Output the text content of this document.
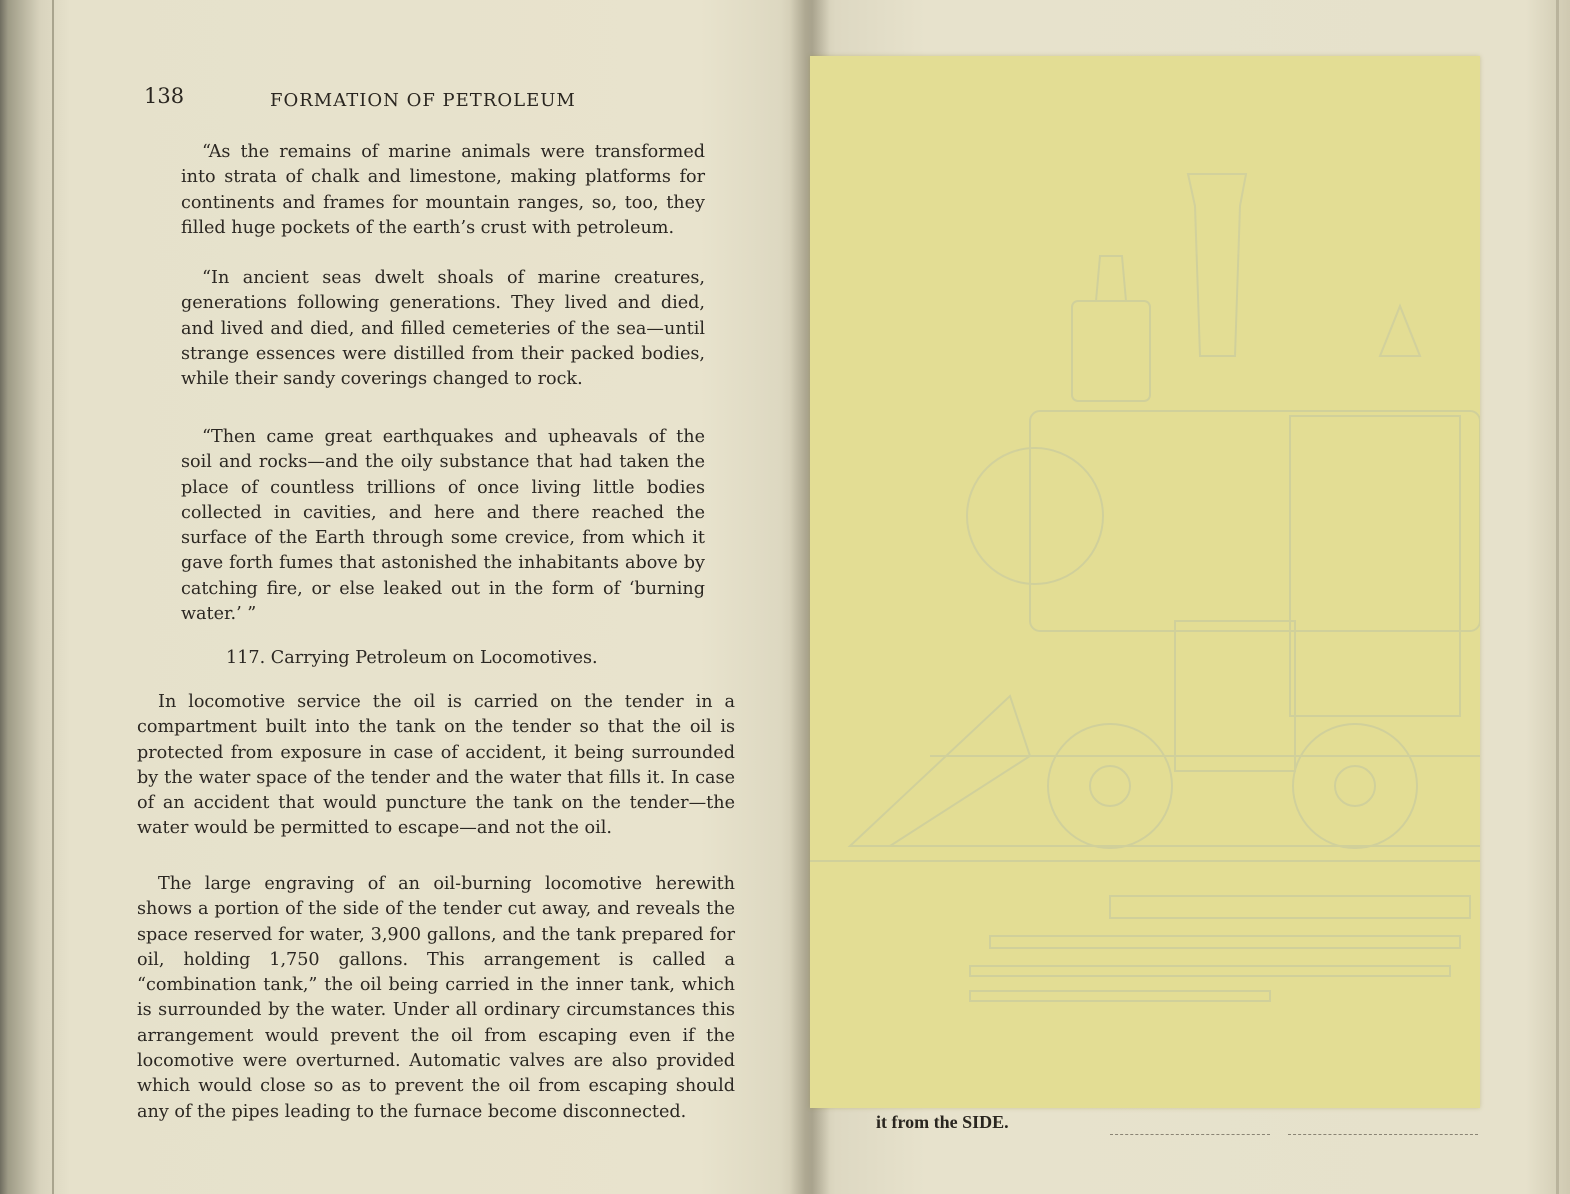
138	FORMATION OF PETROLEUM

“As the remains of marine animals were transformed into strata of chalk and limestone, making platforms for continents and frames for mountain ranges, so, too, they filled huge pockets of the earth’s crust with petroleum.

“In ancient seas dwelt shoals of marine creatures, generations following generations. They lived and died, and lived and died, and filled cemeteries of the sea—until strange essences were distilled from their packed bodies, while their sandy coverings changed to rock.

“Then came great earthquakes and upheavals of the soil and rocks—and the oily substance that had taken the place of countless trillions of once living little bodies collected in cavities, and here and there reached the surface of the Earth through some crevice, from which it gave forth fumes that astonished the inhabitants above by catching fire, or else leaked out in the form of ‘burning water.’ ”

117. Carrying Petroleum on Locomotives.

In locomotive service the oil is carried on the tender in a compartment built into the tank on the tender so that the oil is protected from exposure in case of accident, it being surrounded by the water space of the tender and the water that fills it. In case of an accident that would puncture the tank on the tender—the water would be permitted to escape—and not the oil.

The large engraving of an oil-burning locomotive herewith shows a portion of the side of the tender cut away, and reveals the space reserved for water, 3,900 gallons, and the tank prepared for oil, holding 1,750 gallons. This arrangement is called a “combination tank,” the oil being carried in the inner tank, which is surrounded by the water. Under all ordinary circumstances this arrangement would prevent the oil from escaping even if the locomotive were overturned. Automatic valves are also provided which would close so as to prevent the oil from escaping should any of the pipes leading to the furnace become disconnected.

it from the SIDE.
